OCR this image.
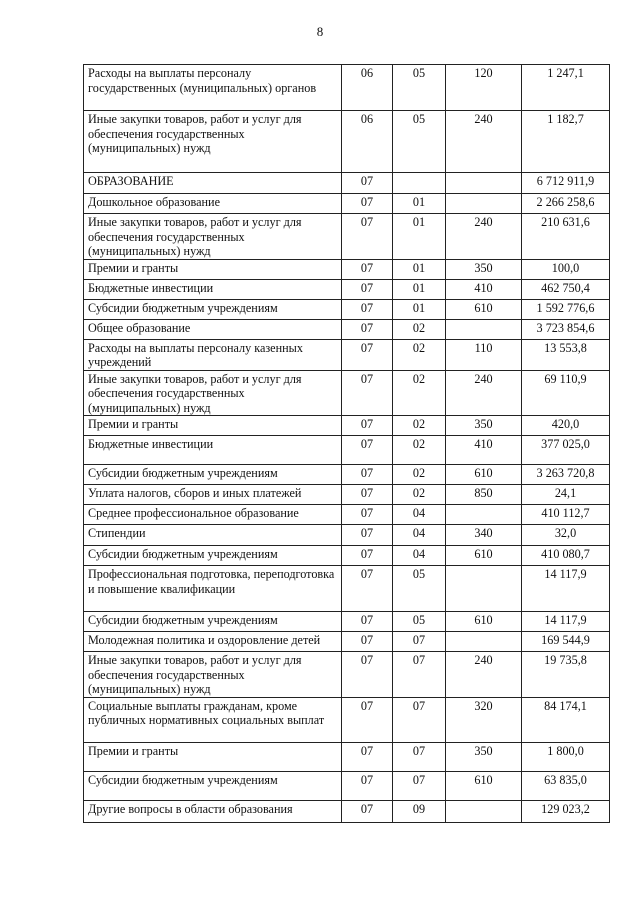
8
Расходы на выплаты персоналу государственных (муниципальных) органов	06	05	120	1 247,1
Иные закупки товаров, работ и услуг для обеспечения государственных (муниципальных) нужд	06	05	240	1 182,7
ОБРАЗОВАНИЕ	07			6 712 911,9
Дошкольное образование	07	01		2 266 258,6
Иные закупки товаров, работ и услуг для обеспечения государственных (муниципальных) нужд	07	01	240	210 631,6
Премии и гранты	07	01	350	100,0
Бюджетные инвестиции	07	01	410	462 750,4
Субсидии бюджетным учреждениям	07	01	610	1 592 776,6
Общее образование	07	02		3 723 854,6
Расходы на выплаты персоналу казенных учреждений	07	02	110	13 553,8
Иные закупки товаров, работ и услуг для обеспечения государственных (муниципальных) нужд	07	02	240	69 110,9
Премии и гранты	07	02	350	420,0
Бюджетные инвестиции	07	02	410	377 025,0
Субсидии бюджетным учреждениям	07	02	610	3 263 720,8
Уплата налогов, сборов и иных платежей	07	02	850	24,1
Среднее профессиональное образование	07	04		410 112,7
Стипендии	07	04	340	32,0
Субсидии бюджетным учреждениям	07	04	610	410 080,7
Профессиональная подготовка, переподготовка и повышение квалификации	07	05		14 117,9
Субсидии бюджетным учреждениям	07	05	610	14 117,9
Молодежная политика и оздоровление детей	07	07		169 544,9
Иные закупки товаров, работ и услуг для обеспечения государственных (муниципальных) нужд	07	07	240	19 735,8
Социальные выплаты гражданам, кроме публичных нормативных социальных выплат	07	07	320	84 174,1
Премии и гранты	07	07	350	1 800,0
Субсидии бюджетным учреждениям	07	07	610	63 835,0
Другие вопросы в области образования	07	09		129 023,2
